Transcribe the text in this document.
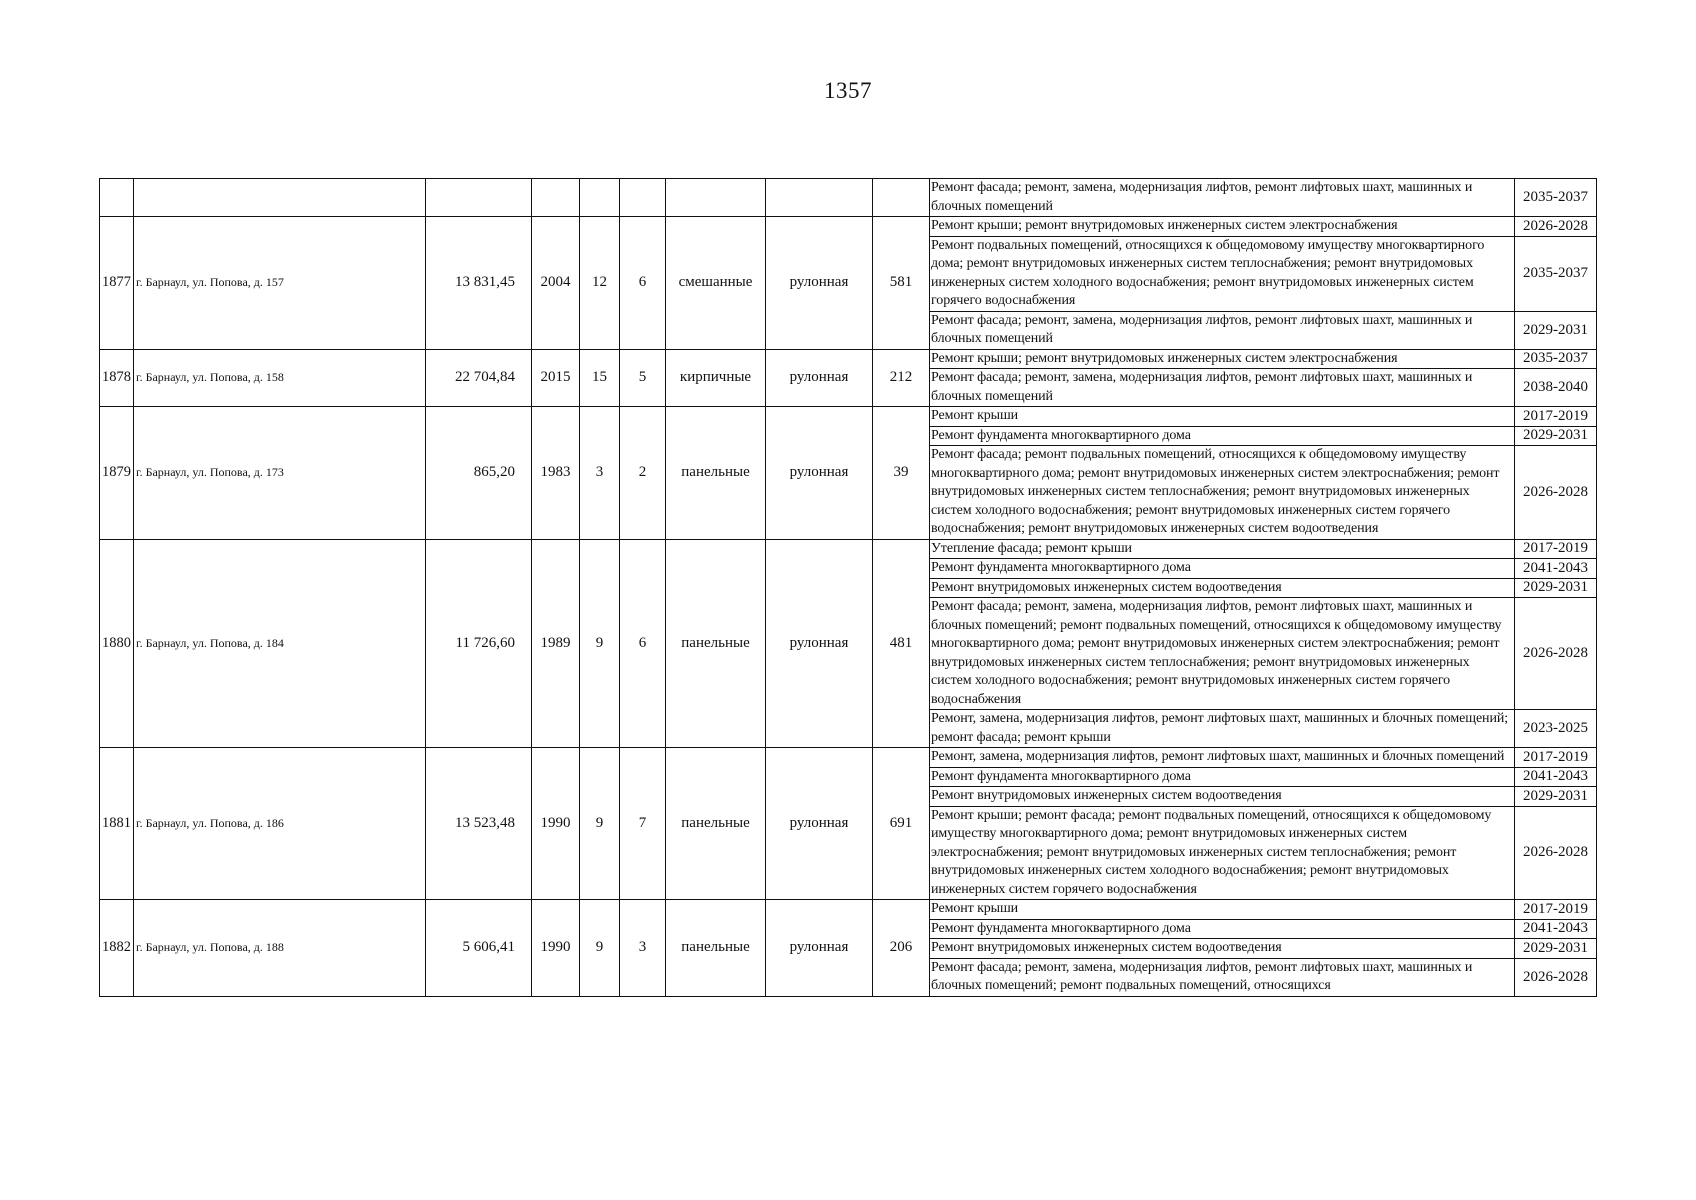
1357
									Ремонт фасада; ремонт, замена, модернизация лифтов, ремонт лифтовых шахт, машинных и блочных помещений	2035-2037
1877	г. Барнаул, ул. Попова, д. 157	13 831,45	2004	12	6	смешанные	рулонная	581	Ремонт крыши; ремонт внутридомовых инженерных систем электроснабжения	2026-2028
									Ремонт подвальных помещений, относящихся к общедомовому имуществу многоквартирного дома; ремонт внутридомовых инженерных систем теплоснабжения; ремонт внутридомовых инженерных систем холодного водоснабжения; ремонт внутридомовых инженерных систем горячего водоснабжения	2035-2037
									Ремонт фасада; ремонт, замена, модернизация лифтов, ремонт лифтовых шахт, машинных и блочных помещений	2029-2031
1878	г. Барнаул, ул. Попова, д. 158	22 704,84	2015	15	5	кирпичные	рулонная	212	Ремонт крыши; ремонт внутридомовых инженерных систем электроснабжения	2035-2037
									Ремонт фасада; ремонт, замена, модернизация лифтов, ремонт лифтовых шахт, машинных и блочных помещений	2038-2040
1879	г. Барнаул, ул. Попова, д. 173	865,20	1983	3	2	панельные	рулонная	39	Ремонт крыши	2017-2019
									Ремонт фундамента многоквартирного дома	2029-2031
									Ремонт фасада; ремонт подвальных помещений, относящихся к общедомовому имуществу многоквартирного дома; ремонт внутридомовых инженерных систем электроснабжения; ремонт внутридомовых инженерных систем теплоснабжения; ремонт внутридомовых инженерных систем холодного водоснабжения; ремонт внутридомовых инженерных систем горячего водоснабжения; ремонт внутридомовых инженерных систем водоотведения	2026-2028
1880	г. Барнаул, ул. Попова, д. 184	11 726,60	1989	9	6	панельные	рулонная	481	Утепление фасада; ремонт крыши	2017-2019
									Ремонт фундамента многоквартирного дома	2041-2043
									Ремонт внутридомовых инженерных систем водоотведения	2029-2031
									Ремонт фасада; ремонт, замена, модернизация лифтов, ремонт лифтовых шахт, машинных и блочных помещений; ремонт подвальных помещений, относящихся к общедомовому имуществу многоквартирного дома; ремонт внутридомовых инженерных систем электроснабжения; ремонт внутридомовых инженерных систем теплоснабжения; ремонт внутридомовых инженерных систем холодного водоснабжения; ремонт внутридомовых инженерных систем горячего водоснабжения	2026-2028
									Ремонт, замена, модернизация лифтов, ремонт лифтовых шахт, машинных и блочных помещений; ремонт фасада; ремонт крыши	2023-2025
1881	г. Барнаул, ул. Попова, д. 186	13 523,48	1990	9	7	панельные	рулонная	691	Ремонт, замена, модернизация лифтов, ремонт лифтовых шахт, машинных и блочных помещений	2017-2019
									Ремонт фундамента многоквартирного дома	2041-2043
									Ремонт внутридомовых инженерных систем водоотведения	2029-2031
									Ремонт крыши; ремонт фасада; ремонт подвальных помещений, относящихся к общедомовому имуществу многоквартирного дома; ремонт внутридомовых инженерных систем электроснабжения; ремонт внутридомовых инженерных систем теплоснабжения; ремонт внутридомовых инженерных систем холодного водоснабжения; ремонт внутридомовых инженерных систем горячего водоснабжения	2026-2028
1882	г. Барнаул, ул. Попова, д. 188	5 606,41	1990	9	3	панельные	рулонная	206	Ремонт крыши	2017-2019
									Ремонт фундамента многоквартирного дома	2041-2043
									Ремонт внутридомовых инженерных систем водоотведения	2029-2031
									Ремонт фасада; ремонт, замена, модернизация лифтов, ремонт лифтовых шахт, машинных и блочных помещений; ремонт подвальных помещений, относящихся	2026-2028
